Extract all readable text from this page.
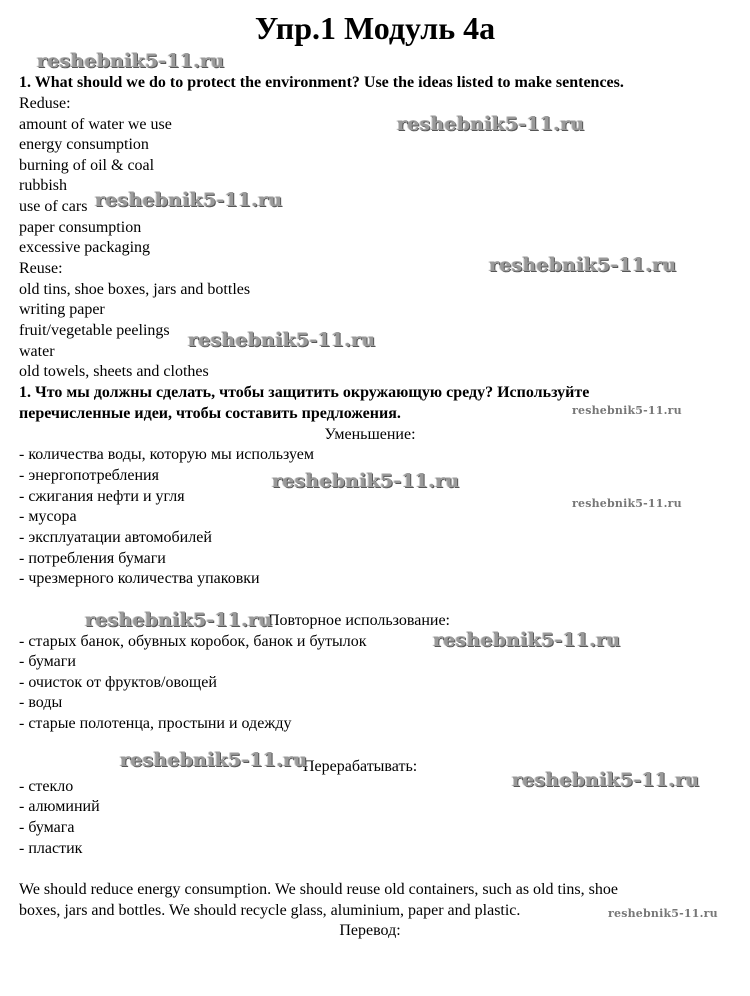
Упр.1 Модуль 4а
1. What should we do to protect the environment? Use the ideas listed to make sentences.
Reduse:
amount of water we use
energy consumption
burning of oil & coal
rubbish
use of cars
paper consumption
excessive packaging
Reuse:
old tins, shoe boxes, jars and bottles
writing paper
fruit/vegetable peelings
water
old towels, sheets and clothes
1. Что мы должны сделать, чтобы защитить окружающую среду? Используйте
перечисленные идеи, чтобы составить предложения.
Уменьшение:
- количества воды, которую мы используем
- энергопотребления
- сжигания нефти и угля
- мусора
- эксплуатации автомобилей
- потребления бумаги
- чрезмерного количества упаковки
Повторное использование:
- старых банок, обувных коробок, банок и бутылок
- бумаги
- очисток от фруктов/овощей
- воды
- старые полотенца, простыни и одежду
Перерабатывать:
- стекло
- алюминий
- бумага
- пластик
We should reduce energy consumption. We should reuse old containers, such as old tins, shoe
boxes, jars and bottles. We should recycle glass, aluminium, paper and plastic.
Перевод:
reshebnik5-11.ru
reshebnik5-11.ru
reshebnik5-11.ru
reshebnik5-11.ru
reshebnik5-11.ru
reshebnik5-11.ru
reshebnik5-11.ru
reshebnik5-11.ru
reshebnik5-11.ru
reshebnik5-11.ru
reshebnik5-11.ru
reshebnik5-11.ru
reshebnik5-11.ru
